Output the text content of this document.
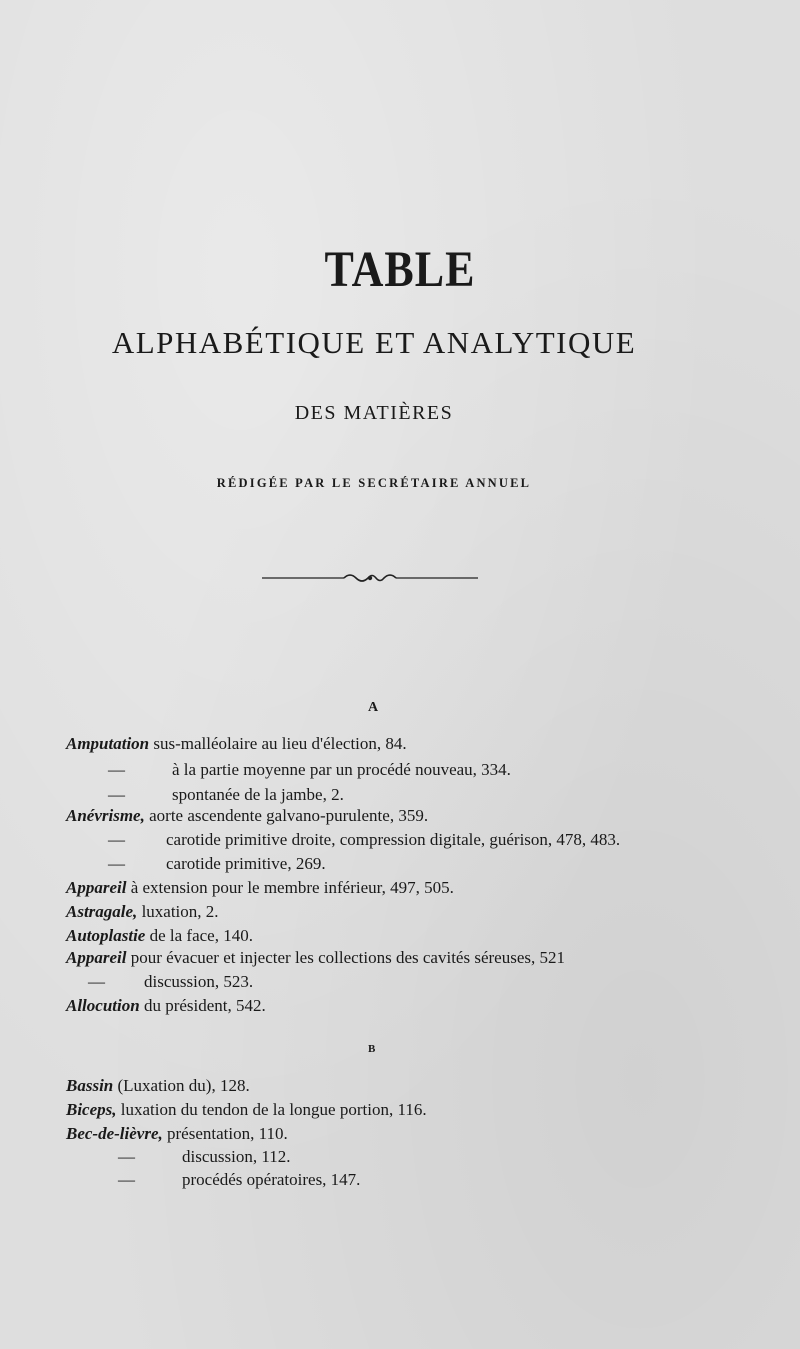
TABLE
ALPHABÉTIQUE ET ANALYTIQUE
DES MATIÈRES
RÉDIGÉE PAR LE SECRÉTAIRE ANNUEL
A
Amputation sus-malléolaire au lieu d'élection, 84.
—	à la partie moyenne par un procédé nouveau, 334.
—	spontanée de la jambe, 2.
Anévrisme, aorte ascendente galvano-purulente, 359.
— carotide primitive droite, compression digitale, guérison, 478, 483.
— carotide primitive, 269.
Appareil à extension pour le membre inférieur, 497, 505.
Astragale, luxation, 2.
Autoplastie de la face, 140.
Appareil pour évacuer et injecter les collections des cavités séreuses, 521
— discussion, 523.
Allocution du président, 542.
B
Bassin (Luxation du), 128.
Biceps, luxation du tendon de la longue portion, 116.
Bec-de-lièvre, présentation, 110.
—	discussion, 112.
—	procédés opératoires, 147.
